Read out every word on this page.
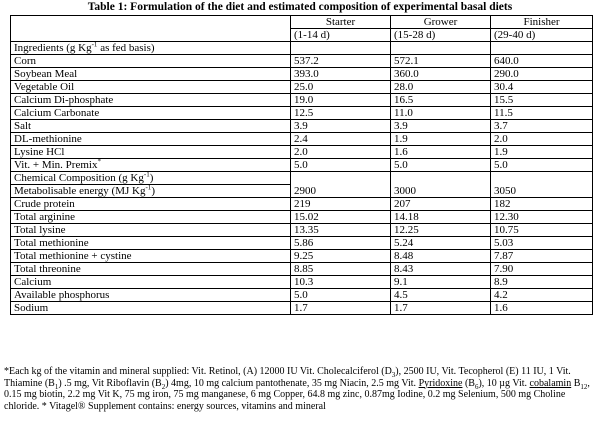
Table 1: Formulation of the diet and estimated composition of experimental basal diets
	Starter	Grower	Finisher
	(1-14 d)	(15-28 d)	(29-40 d)
Ingredients (g $Kg^{-1}$ as fed basis)			
Corn	537.2	572.1	640.0
Soybean Meal	393.0	360.0	290.0
Vegetable Oil	25.0	28.0	30.4
Calcium Di-phosphate	19.0	16.5	15.5
Calcium Carbonate	12.5	11.0	11.5
Salt	3.9	3.9	3.7
DL-methionine	2.4	1.9	2.0
Lysine HCl	2.0	1.6	1.9
Vit. + Min. Premix*	5.0	5.0	5.0
Chemical Composition (g $Kg^{-1}$)			
Metabolisable energy (MJ $Kg^{-1}$)	2900	3000	3050
Crude protein	219	207	182
Total arginine	15.02	14.18	12.30
Total lysine	13.35	12.25	10.75
Total methionine	5.86	5.24	5.03
Total methionine + cystine	9.25	8.48	7.87
Total threonine	8.85	8.43	7.90
Calcium	10.3	9.1	8.9
Available phosphorus	5.0	4.5	4.2
Sodium	1.7	1.7	1.6
*Each kg of the vitamin and mineral supplied: Vit. Retinol, (A) 12000 IU Vit. Cholecalciferol $(D_3)$, 2500 IU, Vit. Tecopherol (E) 11 IU, 1 Vit. Thiamine $(B_1)$ .5 mg, Vit Riboflavin $(B_2)$ 4mg, 10 mg calcium pantothenate, 35 mg Niacin, 2.5 mg Vit. Pyridoxine $(B_6)$, 10 µg Vit. cobalamin $B_{12}$, 0.15 mg biotin, 2.2 mg Vit K, 75 mg iron, 75 mg manganese, 6 mg Copper, 64.8 mg zinc, 0.87mg Iodine, 0.2 mg Selenium, 500 mg Choline chloride. * Vitagel® Supplement contains: energy sources, vitamins and mineral
